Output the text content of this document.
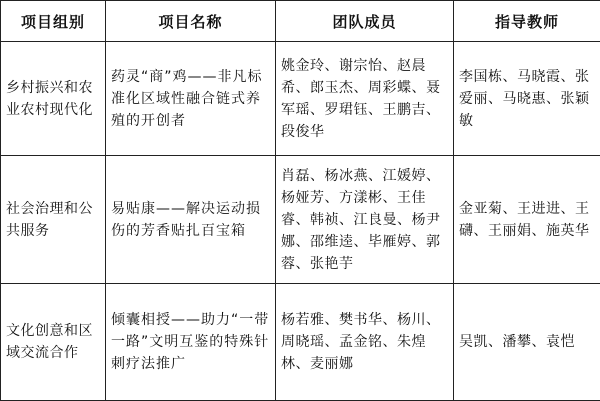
项目组别	项目名称	团队成员	指导教师
乡村振兴和农业农村现代化	药灵“商”鸡——非凡标准化区域性融合链式养殖的开创者	姚金玲、谢宗怡、赵晨希、郎玉杰、周彩蝶、聂军瑶、罗珺钰、王鹏吉、段俊华	李国栋、马晓霞、张爱丽、马晓惠、张颖敏
社会治理和公共服务	易贴康——解决运动损伤的芳香贴扎百宝箱	肖磊、杨冰燕、江媛婷、杨娅芳、方漾彬、王佳睿、韩祯、江良曼、杨尹娜、邵维逵、毕雁婷、郭蓉、张艳芋	金亚菊、王进进、王礴、王丽娟、施英华
文化创意和区域交流合作	倾囊相授——助力“一带一路”文明互鉴的特殊针刺疗法推广	杨若雅、樊书华、杨川、周晓瑶、孟金铭、朱煌林、麦丽娜	吴凯、潘攀、袁恺
